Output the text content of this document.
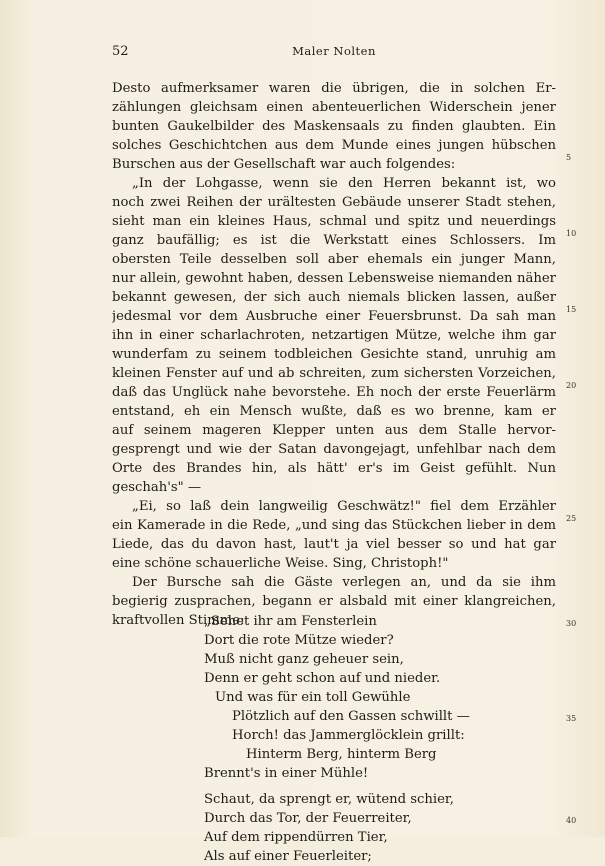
52	Maler Nolten
Desto aufmerksamer waren die übrigen, die in solchen Er-
zählungen gleichsam einen abenteuerlichen Widerschein jener
bunten Gaukelbilder des Maskensaals zu finden glaubten. Ein
solches Geschichtchen aus dem Munde eines jungen hübschen
Burschen aus der Gesellschaft war auch folgendes:
„In der Lohgasse, wenn sie den Herren bekannt ist, wo
noch zwei Reihen der urältesten Gebäude unserer Stadt stehen,
sieht man ein kleines Haus, schmal und spitz und neuerdings
ganz baufällig; es ist die Werkstatt eines Schlossers. Im
obersten Teile desselben soll aber ehemals ein junger Mann,
nur allein, gewohnt haben, dessen Lebensweise niemanden näher
bekannt gewesen, der sich auch niemals blicken lassen, außer
jedesmal vor dem Ausbruche einer Feuersbrunst. Da sah man
ihn in einer scharlachroten, netzartigen Mütze, welche ihm gar
wunderfam zu seinem todbleichen Gesichte stand, unruhig am
kleinen Fenster auf und ab schreiten, zum sichersten Vorzeichen,
daß das Unglück nahe bevorstehe. Eh noch der erste Feuerlärm
entstand, eh ein Mensch wußte, daß es wo brenne, kam er
auf seinem mageren Klepper unten aus dem Stalle hervor-
gesprengt und wie der Satan davongejagt, unfehlbar nach dem
Orte des Brandes hin, als hätt' er's im Geist gefühlt. Nun
geschah's" —
„Ei, so laß dein langweilig Geschwätz!" fiel dem Erzähler
ein Kamerade in die Rede, „und sing das Stückchen lieber in dem
Liede, das du davon hast, laut't ja viel besser so und hat gar
eine schöne schauerliche Weise. Sing, Christoph!"
Der Bursche sah die Gäste verlegen an, und da sie ihm
begierig zusprachen, begann er alsbald mit einer klangreichen,
kraftvollen Stimme:
„Sehet ihr am Fensterlein
Dort die rote Mütze wieder?
Muß nicht ganz geheuer sein,
Denn er geht schon auf und nieder.
Und was für ein toll Gewühle
Plötzlich auf den Gassen schwillt —
Horch! das Jammerglöcklein grillt:
Hinterm Berg, hinterm Berg
Brennt's in einer Mühle!
Schaut, da sprengt er, wütend schier,
Durch das Tor, der Feuerreiter,
Auf dem rippendürren Tier,
Als auf einer Feuerleiter;
5
10
15
20
25
30
35
40
